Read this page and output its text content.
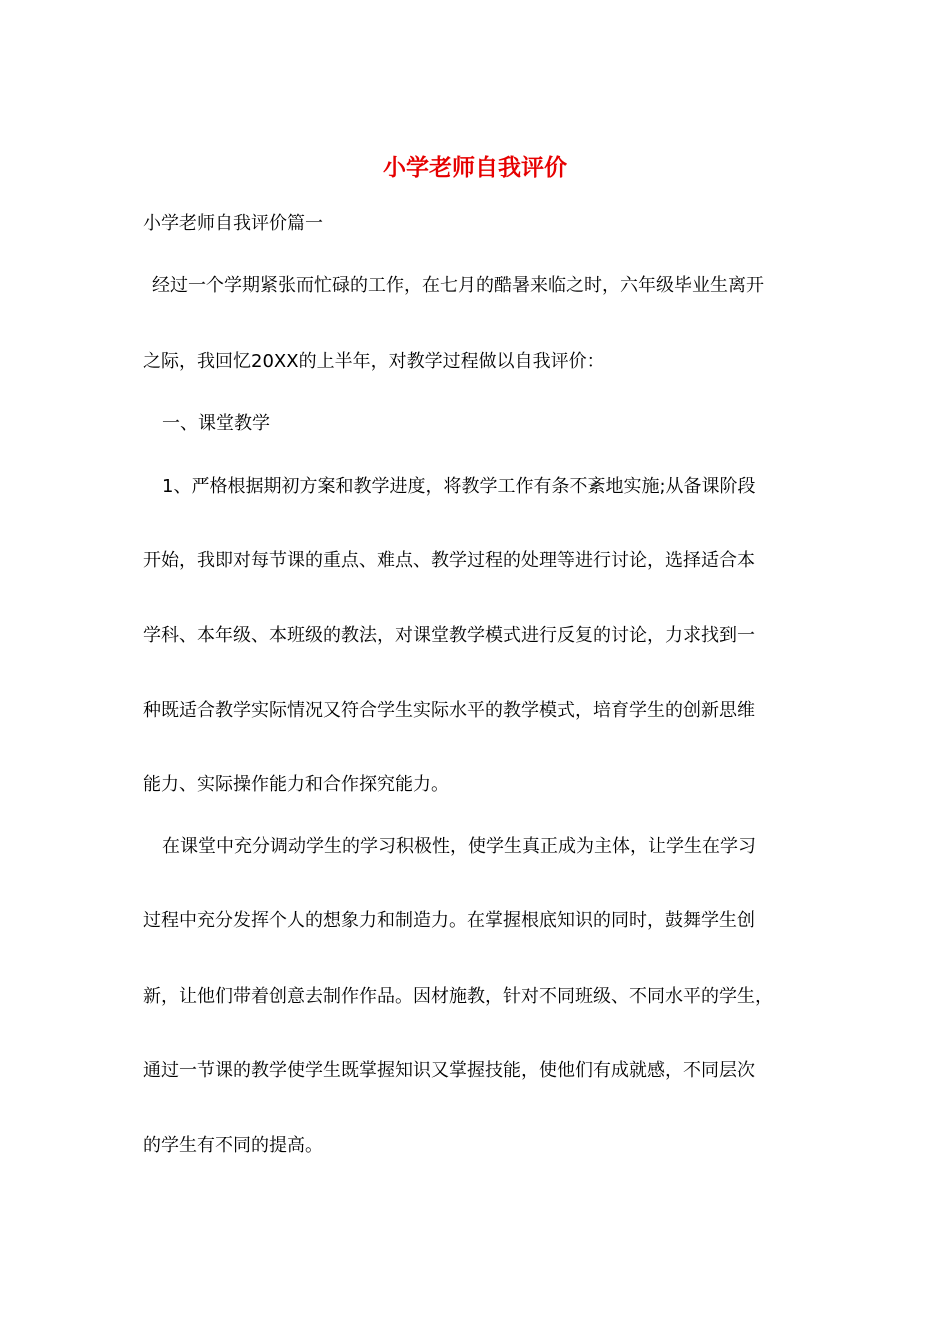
小学老师自我评价

小学老师自我评价篇一

经过一个学期紧张而忙碌的工作，在七月的酷暑来临之时，六年级毕业生离开

之际，我回忆20XX的上半年，对教学过程做以自我评价：

一、课堂教学

1、严格根据期初方案和教学进度，将教学工作有条不紊地实施;从备课阶段

开始，我即对每节课的重点、难点、教学过程的处理等进行讨论，选择适合本

学科、本年级、本班级的教法，对课堂教学模式进行反复的讨论，力求找到一

种既适合教学实际情况又符合学生实际水平的教学模式，培育学生的创新思维

能力、实际操作能力和合作探究能力。

在课堂中充分调动学生的学习积极性，使学生真正成为主体，让学生在学习

过程中充分发挥个人的想象力和制造力。在掌握根底知识的同时，鼓舞学生创

新，让他们带着创意去制作作品。因材施教，针对不同班级、不同水平的学生，

通过一节课的教学使学生既掌握知识又掌握技能，使他们有成就感，不同层次

的学生有不同的提高。
